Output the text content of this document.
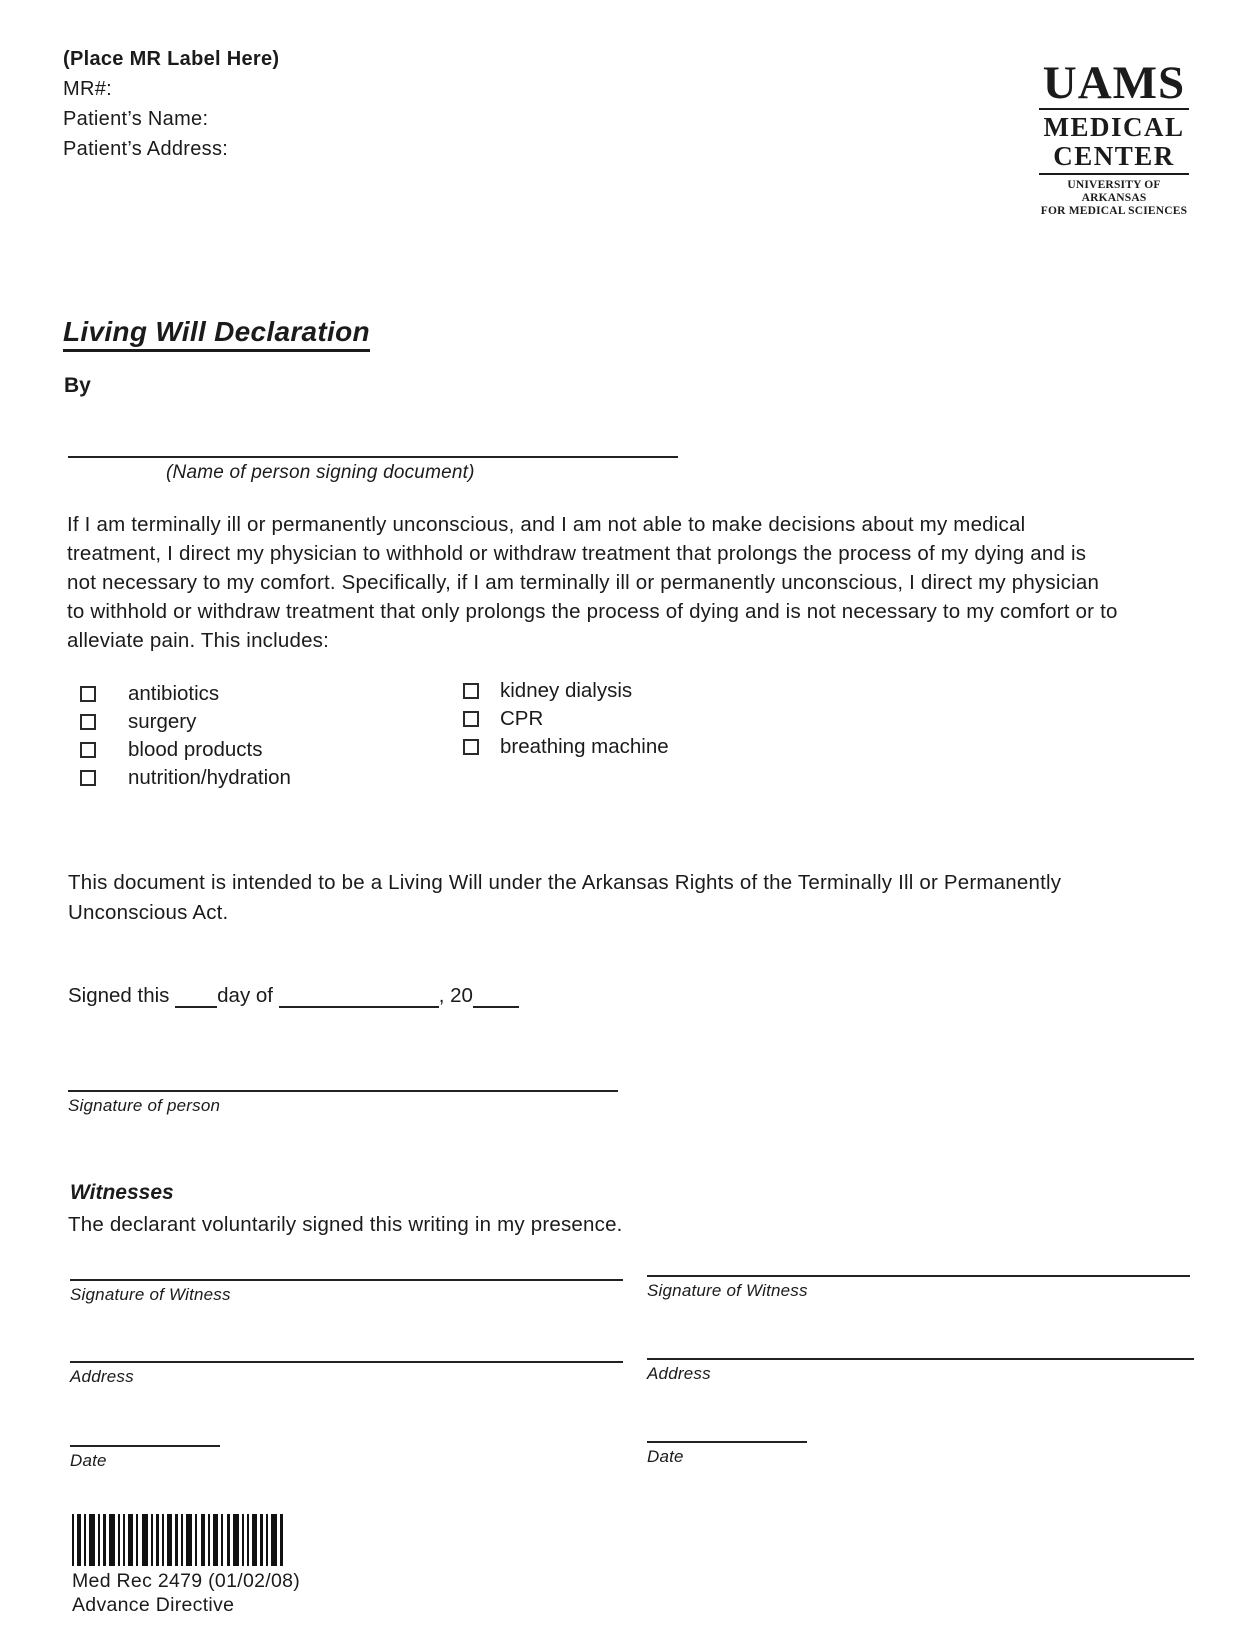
(Place MR Label Here)
MR#:
Patient’s Name:
Patient’s Address:
UAMS
MEDICAL
CENTER
UNIVERSITY OF ARKANSAS
FOR MEDICAL SCIENCES
Living Will Declaration
By
(Name of person signing document)
If I am terminally ill or permanently unconscious, and I am not able to make decisions about my medical treatment, I direct my physician to withhold or withdraw treatment that prolongs the process of my dying and is not necessary to my comfort. Specifically, if I am terminally ill or permanently unconscious, I direct my physician to withhold or withdraw treatment that only prolongs the process of dying and is not necessary to my comfort or to alleviate pain. This includes:
antibiotics
surgery
blood products
nutrition/hydration
kidney dialysis
CPR
breathing machine
This document is intended to be a Living Will under the Arkansas Rights of the Terminally Ill or Permanently Unconscious Act.
Signed this day of	, 20
Signature of person
Witnesses
The declarant voluntarily signed this writing in my presence.
Signature of Witness	Signature of Witness
Address	Address
Date	Date
Med Rec 2479 (01/02/08)
Advance Directive
